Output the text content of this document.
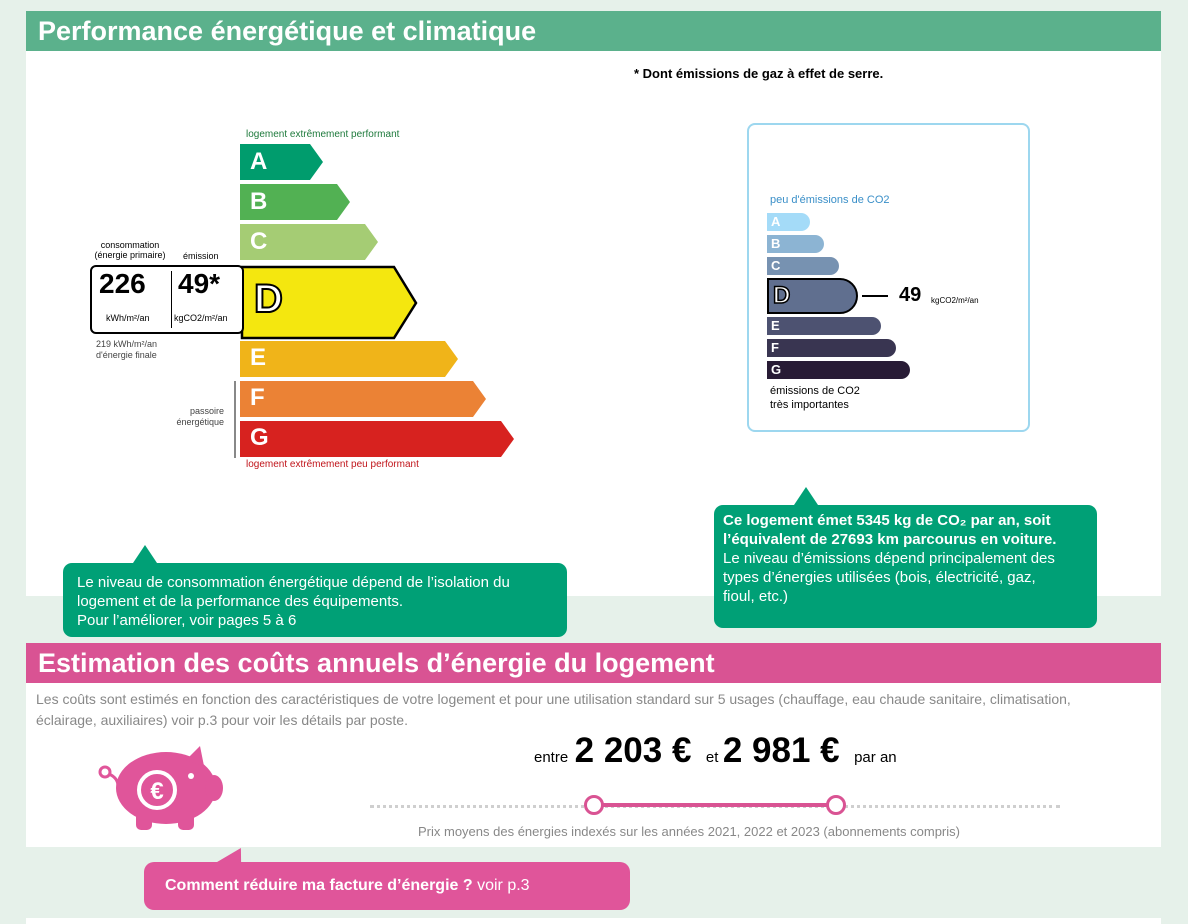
Performance énergétique et climatique
* Dont émissions de gaz à effet de serre.
logement extrêmement performant
A
B
C
D
E
F
G
logement extrêmement peu performant
consommation
(énergie primaire) émission
226 49*
kWh/m²/an	kgCO2/m²/an
219 kWh/m²/an
d'énergie finale
passoire
énergétique
peu d'émissions de CO2
A
B
C
D
E
F
G
49 kgCO2/m²/an
émissions de CO2
très importantes
Le niveau de consommation énergétique dépend de l’isolation du
logement et de la performance des équipements.
Pour l’améliorer, voir pages 5 à 6
Ce logement émet 5345 kg de CO₂ par an, soit
l’équivalent de 27693 km parcourus en voiture.
Le niveau d’émissions dépend principalement des
types d’énergies utilisées (bois, électricité, gaz,
fioul, etc.)
Estimation des coûts annuels d’énergie du logement
Les coûts sont estimés en fonction des caractéristiques de votre logement et pour une utilisation standard sur 5 usages (chauffage, eau chaude sanitaire, climatisation,
éclairage, auxiliaires) voir p.3 pour voir les détails par poste.
€
entre 2 203 € et 2 981 € par an
Prix moyens des énergies indexés sur les années 2021, 2022 et 2023 (abonnements compris)
Comment réduire ma facture d’énergie ? voir p.3
